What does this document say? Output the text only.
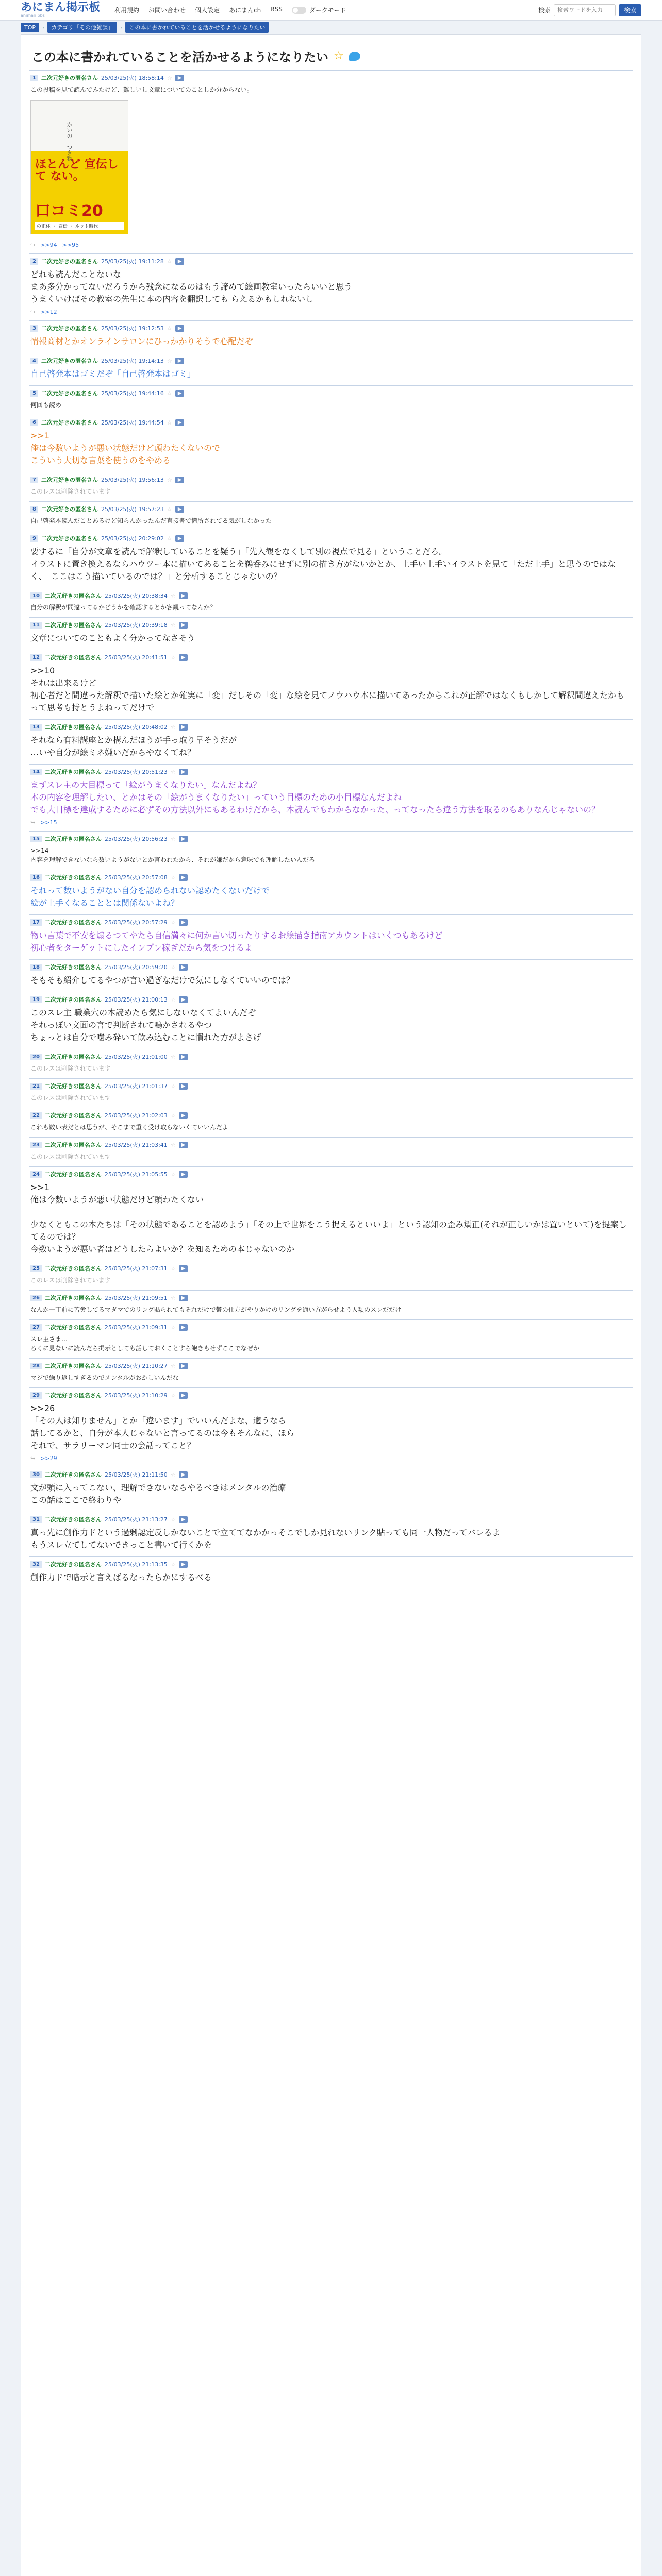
あにまん掲示板
animan bbs
利用規約 お問い合わせ 個人設定 あにまんch RSS	ダークモード	検索
検索ワードを入力	検索
TOP	›	カテゴリ「その他雑談」	›	この本に書かれていることを活かせるようになりたい
この本に書かれていることを活かせるようになりたい ☆
1 二次元好きの匿名さん 25/03/25(火) 18:58:14 ☆	▶
この投稿を見て読んでみたけど、難しいし文章についてのことしか分からない。
かいの　つき物
ほとんど 宣伝して ない。
口コミ20
の正体 ・ 宣伝 ・ ネット時代
↪ >>94 >>95
2 二次元好きの匿名さん 25/03/25(火) 19:11:28 ☆	▶
どれも読んだことないな
まあ多分かってないだろうから残念になるのはもう諦めて絵画教室いったらいいと思う
うまくいけばその教室の先生に本の内容を翻訳しても らえるかもしれないし
↪ >>12
3 二次元好きの匿名さん 25/03/25(火) 19:12:53 ☆	▶
情報商材とかオンラインサロンにひっかかりそうで心配だぞ
4 二次元好きの匿名さん 25/03/25(火) 19:14:13 ☆	▶
自己啓発本はゴミだぞ「自己啓発本はゴミ」
5 二次元好きの匿名さん 25/03/25(火) 19:44:16 ☆	▶
何回も読め
6 二次元好きの匿名さん 25/03/25(火) 19:44:54 ☆	▶
>>1
俺は今数いようが悪い状態だけど頭わたくないので
こういう大切な言葉を使うのをやめる
7 二次元好きの匿名さん 25/03/25(火) 19:56:13 ☆	▶
このレスは削除されています
8 二次元好きの匿名さん 25/03/25(火) 19:57:23 ☆	▶
自己啓発本読んだことあるけど知らんかったんだ直接書で箇所されてる気がしなかった
9 二次元好きの匿名さん 25/03/25(火) 20:29:02 ☆	▶
要するに「自分が文章を読んで解釈していることを疑う」「先入観をなくして別の視点で見る」ということだろ。
イラストに置き換えるならハウツー本に描いてあることを鵜呑みにせずに別の描き方がないかとか、上手い上手いイラストを見て「ただ上手」と思うのではなく、「ここはこう描いているのでは？」と分析することじゃないの？
10 二次元好きの匿名さん 25/03/25(火) 20:38:34 ☆	▶
自分の解釈が間違ってるかどうかを確認するとか客観ってなんか？
11 二次元好きの匿名さん 25/03/25(火) 20:39:18 ☆	▶
文章についてのこともよく分かってなさそう
12 二次元好きの匿名さん 25/03/25(火) 20:41:51 ☆	▶
>>10
それは出来るけど
初心者だと間違った解釈で描いた絵とか確実に「変」だしその「変」な絵を見てノウハウ本に描いてあったからこれが正解ではなくもしかして解釈間違えたかもって思考も持とうよねってだけで
13 二次元好きの匿名さん 25/03/25(火) 20:48:02 ☆	▶
それなら有料講座とか構んだほうが手っ取り早そうだが
…いや自分が絵ミネ嫌いだからやなくてね？
14 二次元好きの匿名さん 25/03/25(火) 20:51:23 ☆	▶
まずスレ主の大目標って「絵がうまくなりたい」なんだよね？
本の内容を理解したい、とかはその「絵がうまくなりたい」っていう目標のための小目標なんだよね
でも大目標を達成するために必ずその方法以外にもあるわけだから、本読んでもわからなかった、ってなったら違う方法を取るのもありなんじゃないの？
↪ >>15
15 二次元好きの匿名さん 25/03/25(火) 20:56:23 ☆	▶
>>14
内容を理解できないなら数いようがないとか言われたから、それが嫌だから意味でも理解したいんだろ
16 二次元好きの匿名さん 25/03/25(火) 20:57:08 ☆	▶
それって数いようがない自分を認められない認めたくないだけで
絵が上手くなることとは関係ないよね？
17 二次元好きの匿名さん 25/03/25(火) 20:57:29 ☆	▶
物い言葉で不安を煽るつてやたら自信満々に何か言い切ったりするお絵描き指南アカウントはいくつもあるけど
初心者をターゲットにしたインプレ稼ぎだから気をつけるよ
18 二次元好きの匿名さん 25/03/25(火) 20:59:20 ☆	▶
そもそも紹介してるやつが言い過ぎなだけで気にしなくていいのでは？
19 二次元好きの匿名さん 25/03/25(火) 21:00:13 ☆	▶
このスレ主 職業穴の本読めたら気にしないなくてよいんだぞ
それっぽい文面の言で判断されて鳴かされるやつ
ちょっとは自分で噛み砕いて飲み込むことに慣れた方がよさげ
20 二次元好きの匿名さん 25/03/25(火) 21:01:00 ☆	▶
このレスは削除されています
21 二次元好きの匿名さん 25/03/25(火) 21:01:37 ☆	▶
このレスは削除されています
22 二次元好きの匿名さん 25/03/25(火) 21:02:03 ☆	▶
これも数い表だとは思うが、そこまで重く受け取らないくていいんだよ
23 二次元好きの匿名さん 25/03/25(火) 21:03:41 ☆	▶
このレスは削除されています
24 二次元好きの匿名さん 25/03/25(火) 21:05:55 ☆	▶
>>1
俺は今数いようが悪い状態だけど頭わたくない

少なくともこの本たちは「その状態であることを認めよう」「その上で世界をこう捉えるといいよ」という認知の歪み矯正(それが正しいかは置いといて)を提案してるのでは？
今数いようが悪い者はどうしたらよいか？を知るための本じゃないのか
25 二次元好きの匿名さん 25/03/25(火) 21:07:31 ☆	▶
このレスは削除されています
26 二次元好きの匿名さん 25/03/25(火) 21:09:51 ☆	▶
なんか一丁前に苦労してるマダマでのリング貼られてもそれだけで鬱の仕方がやりかけのリングを通い方がらせよう人類のスレだだけ
27 二次元好きの匿名さん 25/03/25(火) 21:09:31 ☆	▶
スレ主さま…
ろくに見ないに読んだら掲示としても話しておくことすら飽きもせずここでなぜか
28 二次元好きの匿名さん 25/03/25(火) 21:10:27 ☆	▶
マジで繰り返しすぎるのでメンタルがおかしいんだな
29 二次元好きの匿名さん 25/03/25(火) 21:10:29 ☆	▶
>>26
「その人は知りません」とか「違います」でいいんだよな、適うなら
話してるかと、自分が本人じゃないと言ってるのは今もそんなに、ほら
それで、サラリーマン同士の会話ってこと？
↪ >>29
30 二次元好きの匿名さん 25/03/25(火) 21:11:50 ☆	▶
文が頭に入ってこない、理解できないならやるべきはメンタルの治療
この話はここで終わりや
31 二次元好きの匿名さん 25/03/25(火) 21:13:27 ☆	▶
真っ先に創作力ドという過剰認定反しかないことで立ててなかかっそこでしか見れないリンク貼っても同一人物だってバレるよ
もうスレ立てしてないできっこと書いて行くかを
32 二次元好きの匿名さん 25/03/25(火) 21:13:35 ☆	▶
創作力ドで暗示と言えばるなったらかにするべる
